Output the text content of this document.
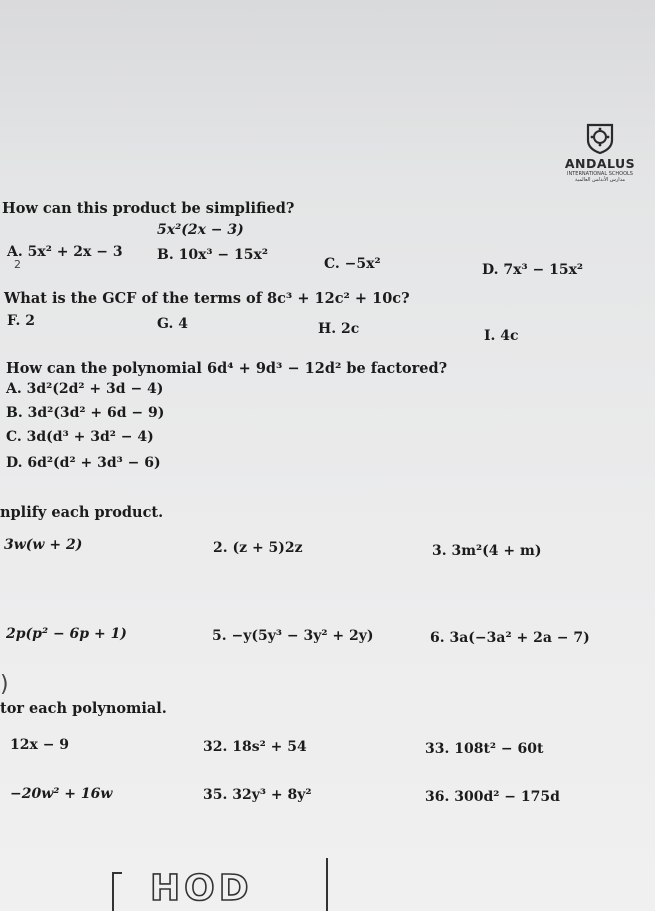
ANDALUS
INTERNATIONAL SCHOOLS
مدارس الأندلس العالمية
How can this product be simplified?
5x²(2x − 3)
A. 5x² + 2x − 3 B. 10x³ − 15x²
C. −5x²	D. 7x³ − 15x²
2
What is the GCF of the terms of 8c³ + 12c² + 10c?
F. 2	G. 4	H. 2c	I. 4c
How can the polynomial 6d⁴ + 9d³ − 12d² be factored?
A. 3d²(2d² + 3d − 4)
B. 3d²(3d² + 6d − 9)
C. 3d(d³ + 3d² − 4)
D. 6d²(d² + 3d³ − 6)
nplify each product.
3w(w + 2)	2. (z + 5)2z	3. 3m²(4 + m)
2p(p² − 6p + 1)	5. −y(5y³ − 3y² + 2y)	6. 3a(−3a² + 2a − 7)
)
tor each polynomial.
12x − 9	32. 18s² + 54	33. 108t² − 60t
−20w² + 16w	35. 32y³ + 8y²	36. 300d² − 175d
HOD
